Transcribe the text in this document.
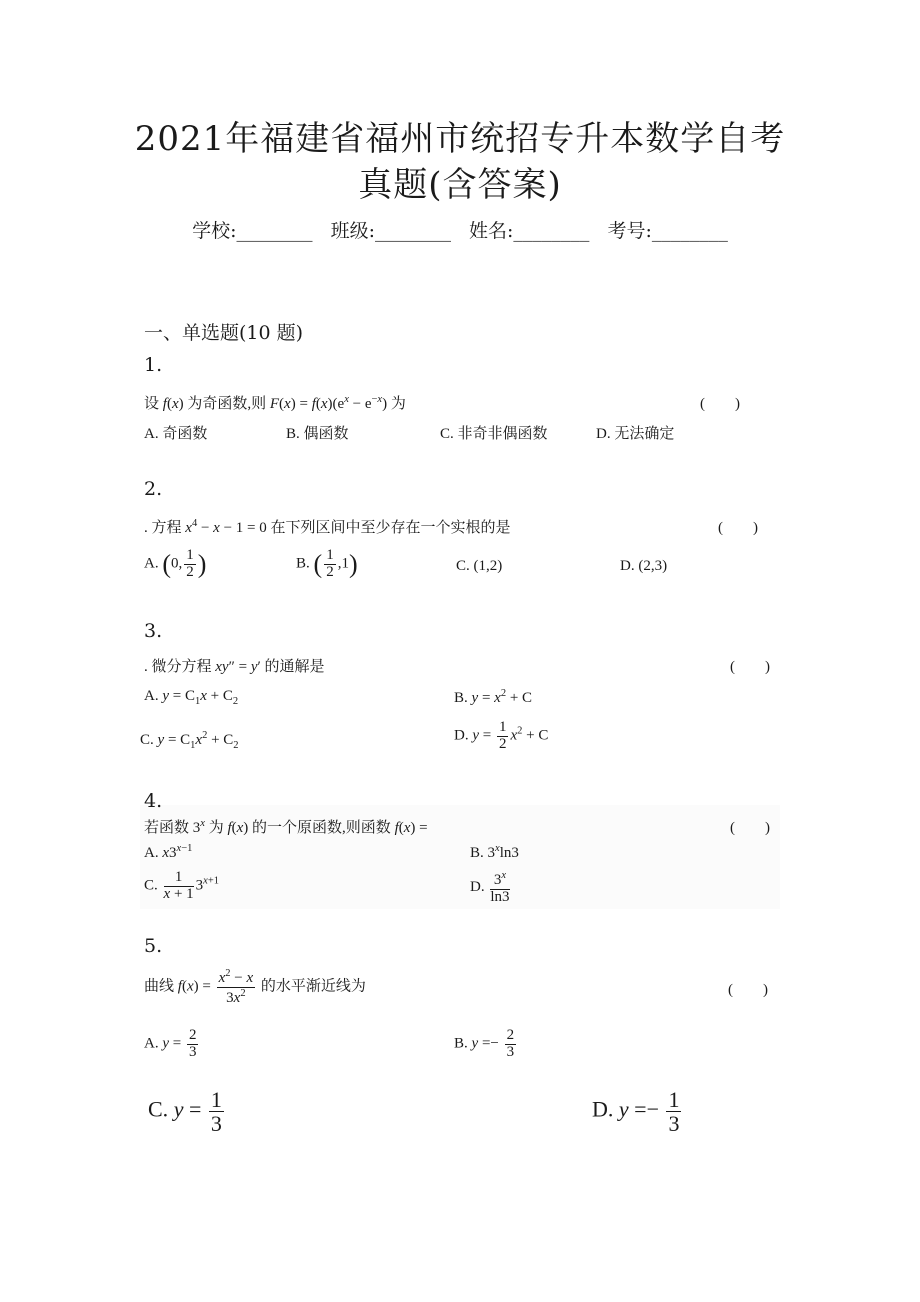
2021年福建省福州市统招专升本数学自考
真题(含答案)
学校:________ 班级:________ 姓名:________ 考号:________
一、单选题(10 题)
1.
设 f(x) 为奇函数,则 $F(x) = f(x)(e^x - e^{-x})$ 为	(　　)
A. 奇函数	B. 偶函数	C. 非奇非偶函数	D. 无法确定
2.
. 方程 $x^4 - x - 1 = 0$ 在下列区间中至少存在一个实根的是	(　　)
A. (0, $\frac{1}{2}$ )	B. ( $\frac{1}{2} ,1$)	C. (1,2)	D. (2,3)
3.
. 微分方程 xy″ = y′ 的通解是	(　　)
A. $y = C_1x + C_2$	B. $y = x^2 + C$
C. $y = C_1x^2 + C_2$
D. $y = \frac{1}{2} x^2 + C$
4.
若函数 3$^x$ 为 f(x) 的一个原函数,则函数 f(x) =	(　　)
A. $x3^{x-1}$	B. 3$^x$ln3
C. $\frac{1}{x + 1} 3^{x+1}$	D. $\frac{3^x}{\ln 3}$
5.
曲线 $f(x) = \frac{x^2 - x}{3x^2}$ 的水平渐近线为	(　　)
A. $y = \frac{2}{3}$	B. $y =- \frac{2}{3}$
C. $y = \frac{1}{3}$	D. $y =- \frac{1}{3}$
